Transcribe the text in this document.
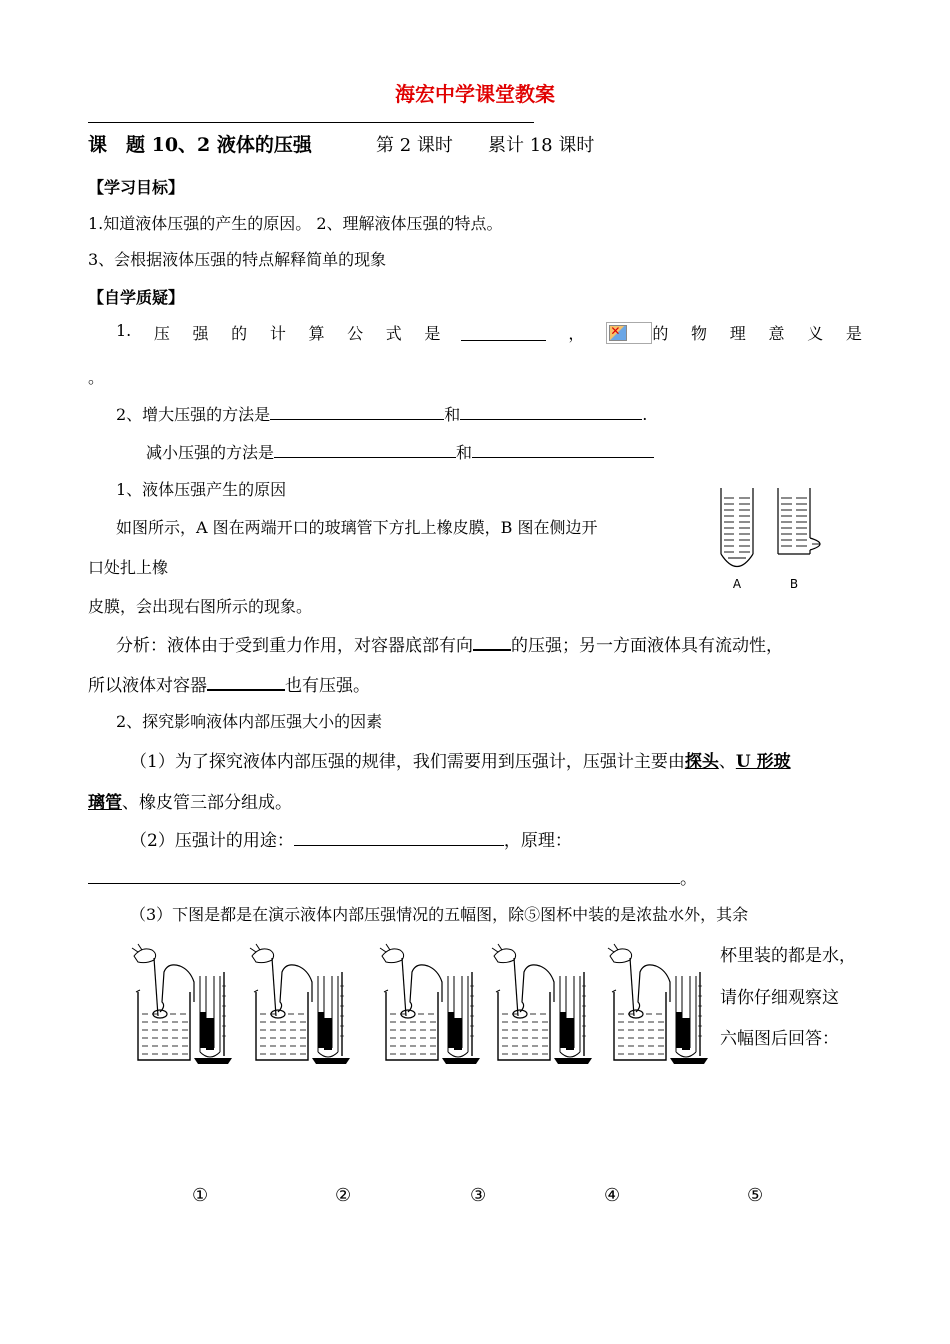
海宏中学课堂教案
课　题 10、2 液体的压强	第 2 课时 累计 18 课时
【学习目标】
1.知道液体压强的产生的原因。 2、理解液体压强的特点。
3、会根据液体压强的特点解释简单的现象
【自学质疑】
1. 压 强 的 计 算 公 式 是	， ✕ 的 物 理 意 义 是
。
2、增大压强的方法是	和	.
减小压强的方法是	和
1、液体压强产生的原因
如图所示，A 图在两端开口的玻璃管下方扎上橡皮膜，B 图在侧边开
口处扎上橡
皮膜，会出现右图所示的现象。
A	B
分析：液体由于受到重力作用，对容器底部有向 的压强；另一方面液体具有流动性，
所以液体对容器	也有压强。
2、探究影响液体内部压强大小的因素
（1）为了探究液体内部压强的规律，我们需要用到压强计，压强计主要由探头、U 形玻
璃管、橡皮管三部分组成。
（2）压强计的用途：	，原理：
。
（3）下图是都是在演示液体内部压强情况的五幅图，除⑤图杯中装的是浓盐水外，其余
杯里装的都是水，
请你仔细观察这
六幅图后回答：
①	②	③	④	⑤
